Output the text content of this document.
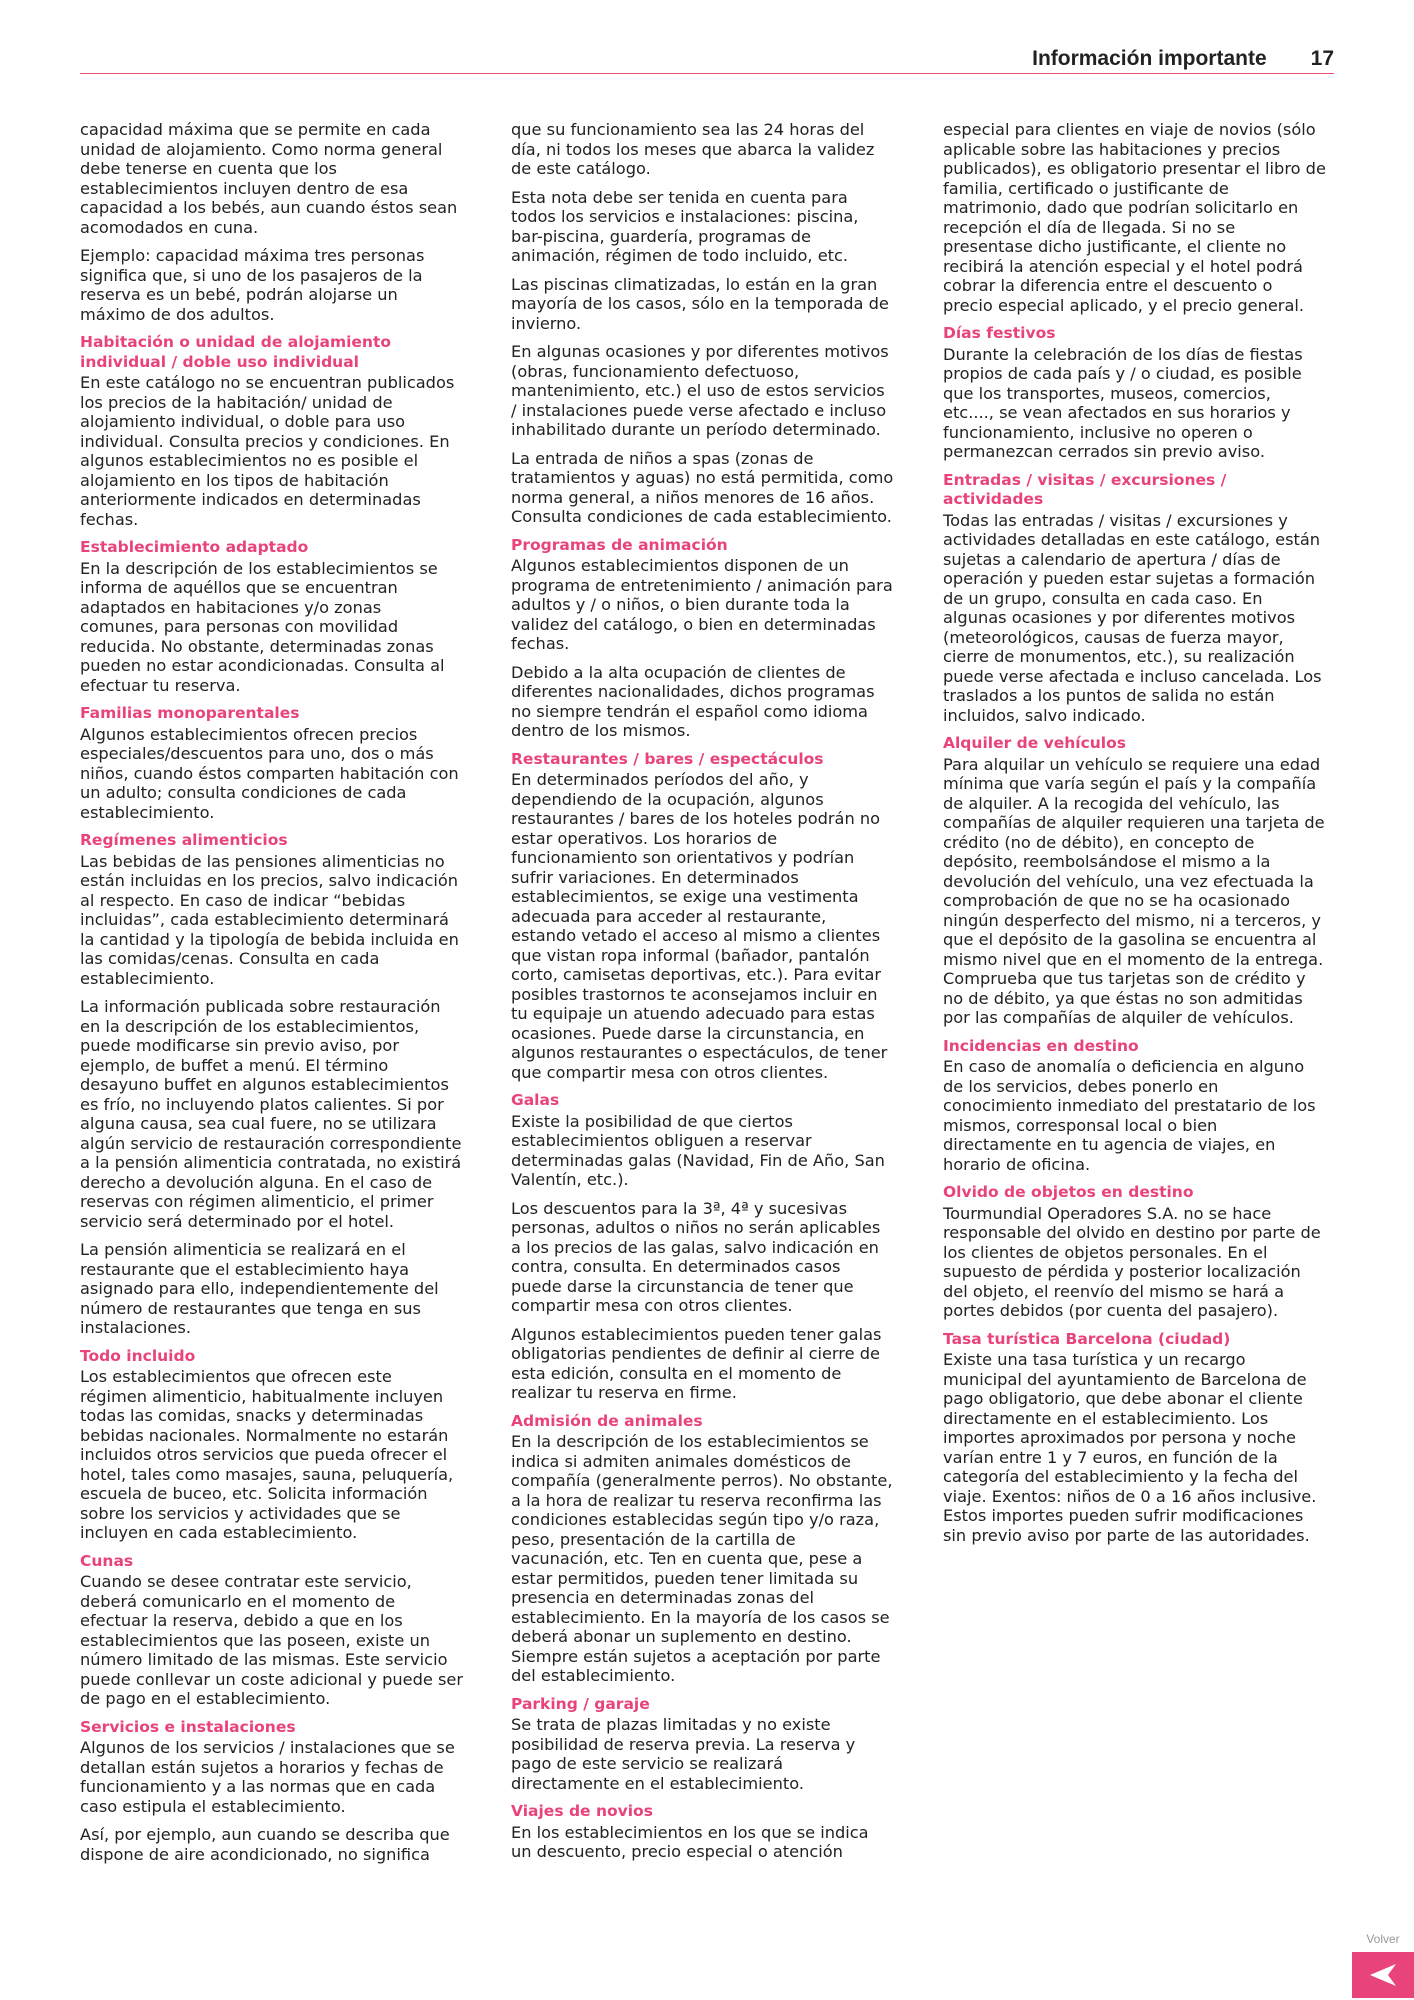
Información importante 17

capacidad máxima que se permite en cada unidad de alojamiento. Como norma general debe tenerse en cuenta que los establecimientos incluyen dentro de esa capacidad a los bebés, aun cuando éstos sean acomodados en cuna.

Ejemplo: capacidad máxima tres personas significa que, si uno de los pasajeros de la reserva es un bebé, podrán alojarse un máximo de dos adultos.

Habitación o unidad de alojamiento individual / doble uso individual

En este catálogo no se encuentran publicados los precios de la habitación/ unidad de alojamiento individual, o doble para uso individual. Consulta precios y condiciones. En algunos establecimientos no es posible el alojamiento en los tipos de habitación anteriormente indicados en determinadas fechas.

Establecimiento adaptado

En la descripción de los establecimientos se informa de aquéllos que se encuentran adaptados en habitaciones y/o zonas comunes, para personas con movilidad reducida. No obstante, determinadas zonas pueden no estar acondicionadas. Consulta al efectuar tu reserva.

Familias monoparentales

Algunos establecimientos ofrecen precios especiales/descuentos para uno, dos o más niños, cuando éstos comparten habitación con un adulto; consulta condiciones de cada establecimiento.

Regímenes alimenticios

Las bebidas de las pensiones alimenticias no están incluidas en los precios, salvo indicación al respecto. En caso de indicar “bebidas incluidas”, cada establecimiento determinará la cantidad y la tipología de bebida incluida en las comidas/cenas. Consulta en cada establecimiento.

La información publicada sobre restauración en la descripción de los establecimientos, puede modificarse sin previo aviso, por ejemplo, de buffet a menú. El término desayuno buffet en algunos establecimientos es frío, no incluyendo platos calientes. Si por alguna causa, sea cual fuere, no se utilizara algún servicio de restauración correspondiente a la pensión alimenticia contratada, no existirá derecho a devolución alguna. En el caso de reservas con régimen alimenticio, el primer servicio será determinado por el hotel.

La pensión alimenticia se realizará en el restaurante que el establecimiento haya asignado para ello, independientemente del número de restaurantes que tenga en sus instalaciones.

Todo incluido

Los establecimientos que ofrecen este régimen alimenticio, habitualmente incluyen todas las comidas, snacks y determinadas bebidas nacionales. Normalmente no estarán incluidos otros servicios que pueda ofrecer el hotel, tales como masajes, sauna, peluquería, escuela de buceo, etc. Solicita información sobre los servicios y actividades que se incluyen en cada establecimiento.

Cunas

Cuando se desee contratar este servicio, deberá comunicarlo en el momento de efectuar la reserva, debido a que en los establecimientos que las poseen, existe un número limitado de las mismas. Este servicio puede conllevar un coste adicional y puede ser de pago en el establecimiento.

Servicios e instalaciones

Algunos de los servicios / instalaciones que se detallan están sujetos a horarios y fechas de funcionamiento y a las normas que en cada caso estipula el establecimiento.

Así, por ejemplo, aun cuando se describa que dispone de aire acondicionado, no significa

que su funcionamiento sea las 24 horas del día, ni todos los meses que abarca la validez de este catálogo.

Esta nota debe ser tenida en cuenta para todos los servicios e instalaciones: piscina, bar-piscina, guardería, programas de animación, régimen de todo incluido, etc.

Las piscinas climatizadas, lo están en la gran mayoría de los casos, sólo en la temporada de invierno.

En algunas ocasiones y por diferentes motivos (obras, funcionamiento defectuoso, mantenimiento, etc.) el uso de estos servicios / instalaciones puede verse afectado e incluso inhabilitado durante un período determinado.

La entrada de niños a spas (zonas de tratamientos y aguas) no está permitida, como norma general, a niños menores de 16 años. Consulta condiciones de cada establecimiento.

Programas de animación

Algunos establecimientos disponen de un programa de entretenimiento / animación para adultos y / o niños, o bien durante toda la validez del catálogo, o bien en determinadas fechas.

Debido a la alta ocupación de clientes de diferentes nacionalidades, dichos programas no siempre tendrán el español como idioma dentro de los mismos.

Restaurantes / bares / espectáculos

En determinados períodos del año, y dependiendo de la ocupación, algunos restaurantes / bares de los hoteles podrán no estar operativos. Los horarios de funcionamiento son orientativos y podrían sufrir variaciones. En determinados establecimientos, se exige una vestimenta adecuada para acceder al restaurante, estando vetado el acceso al mismo a clientes que vistan ropa informal (bañador, pantalón corto, camisetas deportivas, etc.). Para evitar posibles trastornos te aconsejamos incluir en tu equipaje un atuendo adecuado para estas ocasiones. Puede darse la circunstancia, en algunos restaurantes o espectáculos, de tener que compartir mesa con otros clientes.

Galas

Existe la posibilidad de que ciertos establecimientos obliguen a reservar determinadas galas (Navidad, Fin de Año, San Valentín, etc.).

Los descuentos para la 3ª, 4ª y sucesivas personas, adultos o niños no serán aplicables a los precios de las galas, salvo indicación en contra, consulta. En determinados casos puede darse la circunstancia de tener que compartir mesa con otros clientes.

Algunos establecimientos pueden tener galas obligatorias pendientes de definir al cierre de esta edición, consulta en el momento de realizar tu reserva en firme.

Admisión de animales

En la descripción de los establecimientos se indica si admiten animales domésticos de compañía (generalmente perros). No obstante, a la hora de realizar tu reserva reconfirma las condiciones establecidas según tipo y/o raza, peso, presentación de la cartilla de vacunación, etc. Ten en cuenta que, pese a estar permitidos, pueden tener limitada su presencia en determinadas zonas del establecimiento. En la mayoría de los casos se deberá abonar un suplemento en destino. Siempre están sujetos a aceptación por parte del establecimiento.

Parking / garaje

Se trata de plazas limitadas y no existe posibilidad de reserva previa. La reserva y pago de este servicio se realizará directamente en el establecimiento.

Viajes de novios

En los establecimientos en los que se indica un descuento, precio especial o atención

especial para clientes en viaje de novios (sólo aplicable sobre las habitaciones y precios publicados), es obligatorio presentar el libro de familia, certificado o justificante de matrimonio, dado que podrían solicitarlo en recepción el día de llegada. Si no se presentase dicho justificante, el cliente no recibirá la atención especial y el hotel podrá cobrar la diferencia entre el descuento o precio especial aplicado, y el precio general.

Días festivos

Durante la celebración de los días de fiestas propios de cada país y / o ciudad, es posible que los transportes, museos, comercios, etc...., se vean afectados en sus horarios y funcionamiento, inclusive no operen o permanezcan cerrados sin previo aviso.

Entradas / visitas / excursiones / actividades

Todas las entradas / visitas / excursiones y actividades detalladas en este catálogo, están sujetas a calendario de apertura / días de operación y pueden estar sujetas a formación de un grupo, consulta en cada caso. En algunas ocasiones y por diferentes motivos (meteorológicos, causas de fuerza mayor, cierre de monumentos, etc.), su realización puede verse afectada e incluso cancelada. Los traslados a los puntos de salida no están incluidos, salvo indicado.

Alquiler de vehículos

Para alquilar un vehículo se requiere una edad mínima que varía según el país y la compañía de alquiler. A la recogida del vehículo, las compañías de alquiler requieren una tarjeta de crédito (no de débito), en concepto de depósito, reembolsándose el mismo a la devolución del vehículo, una vez efectuada la comprobación de que no se ha ocasionado ningún desperfecto del mismo, ni a terceros, y que el depósito de la gasolina se encuentra al mismo nivel que en el momento de la entrega. Comprueba que tus tarjetas son de crédito y no de débito, ya que éstas no son admitidas por las compañías de alquiler de vehículos.

Incidencias en destino

En caso de anomalía o deficiencia en alguno de los servicios, debes ponerlo en conocimiento inmediato del prestatario de los mismos, corresponsal local o bien directamente en tu agencia de viajes, en horario de oficina.

Olvido de objetos en destino

Tourmundial Operadores S.A. no se hace responsable del olvido en destino por parte de los clientes de objetos personales. En el supuesto de pérdida y posterior localización del objeto, el reenvío del mismo se hará a portes debidos (por cuenta del pasajero).

Tasa turística Barcelona (ciudad)

Existe una tasa turística y un recargo municipal del ayuntamiento de Barcelona de pago obligatorio, que debe abonar el cliente directamente en el establecimiento. Los importes aproximados por persona y noche varían entre 1 y 7 euros, en función de la categoría del establecimiento y la fecha del viaje. Exentos: niños de 0 a 16 años inclusive. Estos importes pueden sufrir modificaciones sin previo aviso por parte de las autoridades.

Volver
